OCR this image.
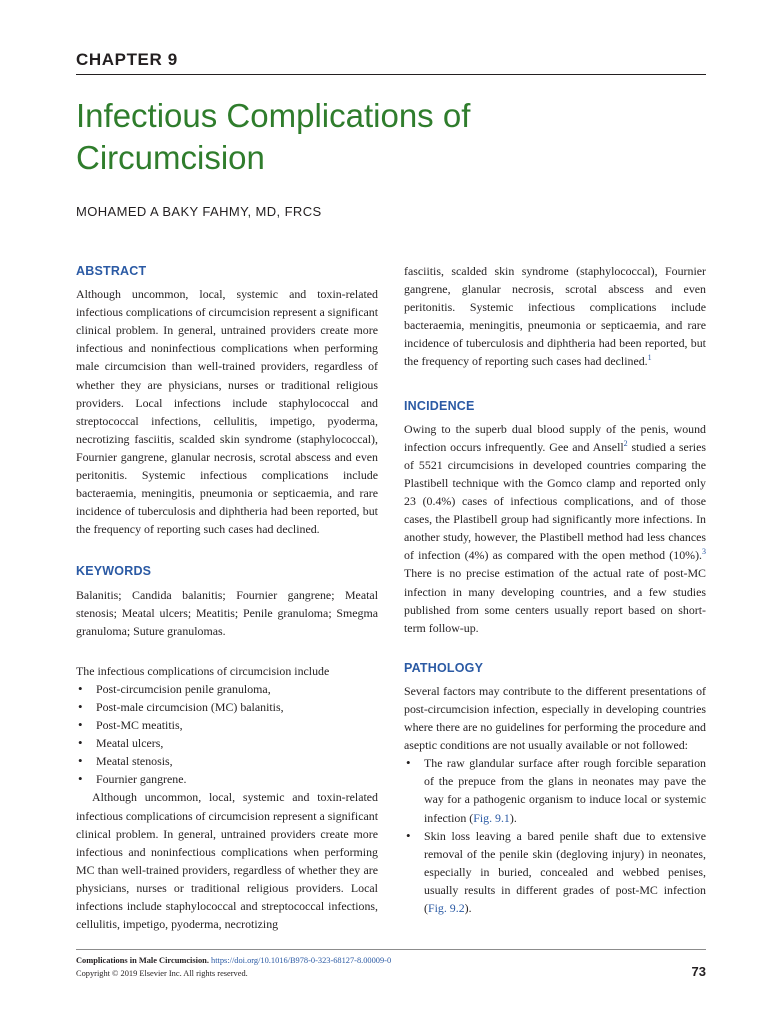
CHAPTER 9
Infectious Complications of
Circumcision
MOHAMED A BAKY FAHMY, MD, FRCS
ABSTRACT

Although uncommon, local, systemic and toxin-related infectious complications of circumcision represent a significant clinical problem. In general, untrained providers create more infectious and noninfectious complications when performing male circumcision than well-trained providers, regardless of whether they are physicians, nurses or traditional religious providers. Local infections include staphylococcal and streptococcal infections, cellulitis, impetigo, pyoderma, necrotizing fasciitis, scalded skin syndrome (staphylococcal), Fournier gangrene, glanular necrosis, scrotal abscess and even peritonitis. Systemic infectious complications include bacteraemia, meningitis, pneumonia or septicaemia, and rare incidence of tuberculosis and diphtheria had been reported, but the frequency of reporting such cases had declined.

KEYWORDS

Balanitis; Candida balanitis; Fournier gangrene; Meatal stenosis; Meatal ulcers; Meatitis; Penile granuloma; Smegma granuloma; Suture granulomas.

The infectious complications of circumcision include

• Post-circumcision penile granuloma,
• Post-male circumcision (MC) balanitis,
• Post-MC meatitis,
• Meatal ulcers,
• Meatal stenosis,
• Fournier gangrene.

Although uncommon, local, systemic and toxin-related infectious complications of circumcision represent a significant clinical problem. In general, untrained providers create more infectious and noninfectious complications when performing MC than well-trained providers, regardless of whether they are physicians, nurses or traditional religious providers. Local infections include staphylococcal and streptococcal infections, cellulitis, impetigo, pyoderma, necrotizing

fasciitis, scalded skin syndrome (staphylococcal), Fournier gangrene, glanular necrosis, scrotal abscess and even peritonitis. Systemic infectious complications include bacteraemia, meningitis, pneumonia or septicaemia, and rare incidence of tuberculosis and diphtheria had been reported, but the frequency of reporting such cases had declined.$^1$

INCIDENCE

Owing to the superb dual blood supply of the penis, wound infection occurs infrequently. Gee and Ansell$^2$ studied a series of 5521 circumcisions in developed countries comparing the Plastibell technique with the Gomco clamp and reported only 23 (0.4%) cases of infectious complications, and of those cases, the Plastibell group had significantly more infections. In another study, however, the Plastibell method had less chances of infection (4%) as compared with the open method (10%).$^3$ There is no precise estimation of the actual rate of post-MC infection in many developing countries, and a few studies published from some centers usually report based on short-term follow-up.

PATHOLOGY

Several factors may contribute to the different presentations of post-circumcision infection, especially in developing countries where there are no guidelines for performing the procedure and aseptic conditions are not usually available or not followed:

• The raw glandular surface after rough forcible separation of the prepuce from the glans in neonates may pave the way for a pathogenic organism to induce local or systemic infection (Fig. 9.1).
• Skin loss leaving a bared penile shaft due to extensive removal of the penile skin (degloving injury) in neonates, especially in buried, concealed and webbed penises, usually results in different grades of post-MC infection (Fig. 9.2).
Complications in Male Circumcision. https://doi.org/10.1016/B978-0-323-68127-8.00009-0
Copyright © 2019 Elsevier Inc. All rights reserved.	73
